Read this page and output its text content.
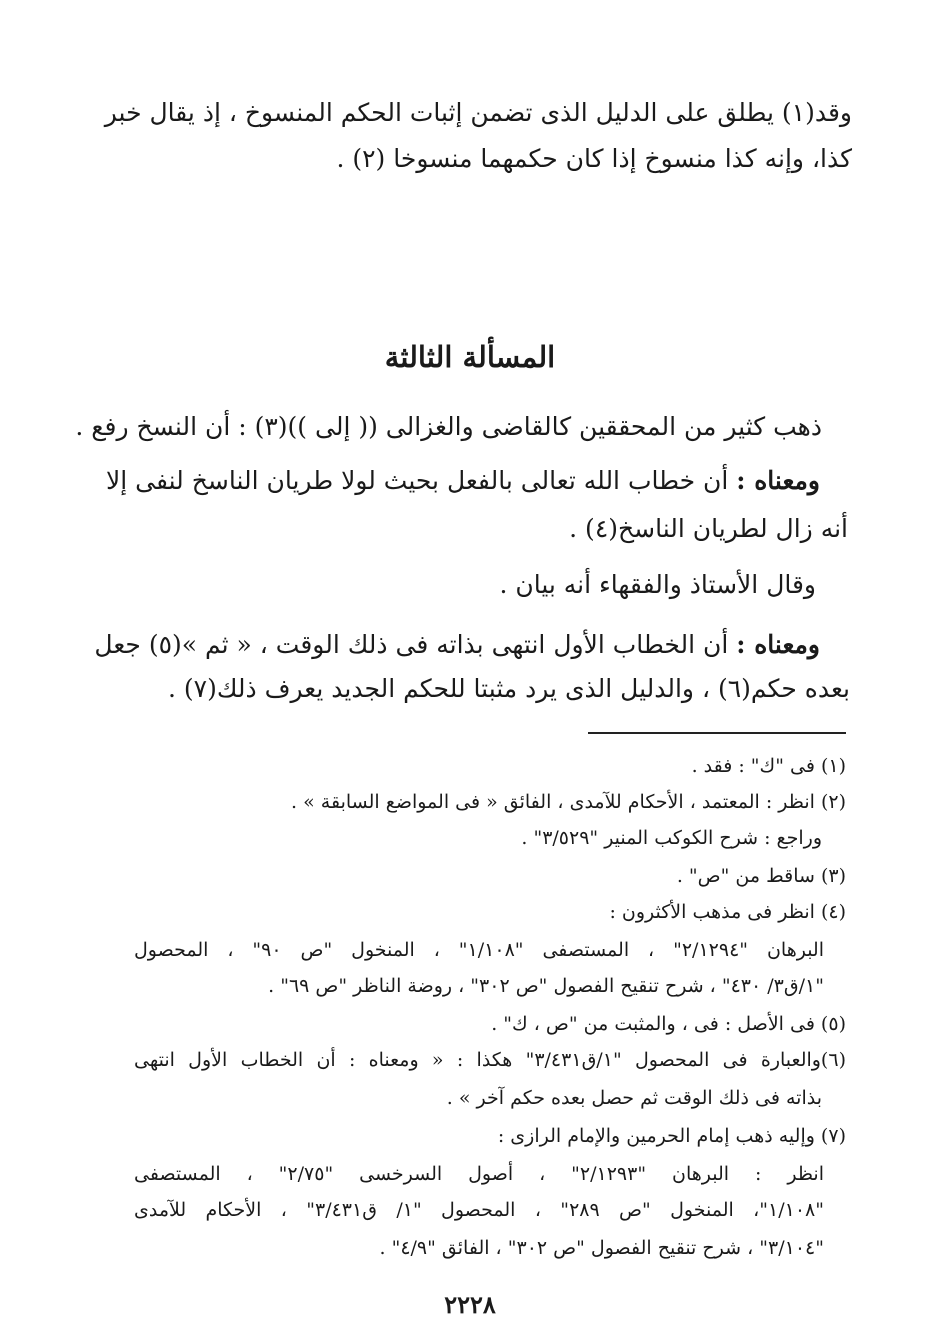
وقد(١) يطلق على الدليل الذى تضمن إثبات الحكم المنسوخ ، إذ يقال خبر
كذا، وإنه كذا منسوخ إذا كان حكمهما منسوخا (٢) .
المسألة الثالثة
ذهب كثير من المحققين كالقاضى والغزالى (( إلى ))(٣) : أن النسخ رفع .
ومعناه : أن خطاب الله تعالى بالفعل بحيث لولا طريان الناسخ لنفى إلا
أنه زال لطريان الناسخ(٤) .
وقال الأستاذ والفقهاء أنه بيان .
ومعناه : أن الخطاب الأول انتهى بذاته فى ذلك الوقت ، « ثم »(٥) جعل
بعده حكم(٦) ، والدليل الذى يرد مثبتا للحكم الجديد يعرف ذلك(٧) .
(١) فى "ك" : فقد .
(٢) انظر : المعتمد ، الأحكام للآمدى ، الفائق « فى المواضع السابقة » .
وراجع : شرح الكوكب المنير "٣/٥٢٩" .
(٣) ساقط من "ص" .
(٤) انظر فى مذهب الأكثرون :
البرهان "٢/١٢٩٤" ، المستصفى "١/١٠٨" ، المنخول "ص ٩٠" ، المحصول
"١/ق٣/ ٤٣٠" ، شرح تنقيح الفصول "ص ٣٠٢" ، روضة الناظر "ص ٦٩" .
(٥) فى الأصل : فى ، والمثبت من "ص ، ك" .
(٦)والعبارة فى المحصول "١/ق٣/٤٣١" هكذا : « ومعناه : أن الخطاب الأول انتهى
بذاته فى ذلك الوقت ثم حصل بعده حكم آخر » .
(٧) وإليه ذهب إمام الحرمين والإمام الرازى :
انظر : البرهان "٢/١٢٩٣" ، أصول السرخسى "٢/٧٥" ، المستصفى
"١/١٠٨"، المنخول "ص ٢٨٩" ، المحصول "١/ ق٣/٤٣١" ، الأحكام للآمدى
"٣/١٠٤" ، شرح تنقيح الفصول "ص ٣٠٢" ، الفائق "٤/٩" .
٢٢٢٨
